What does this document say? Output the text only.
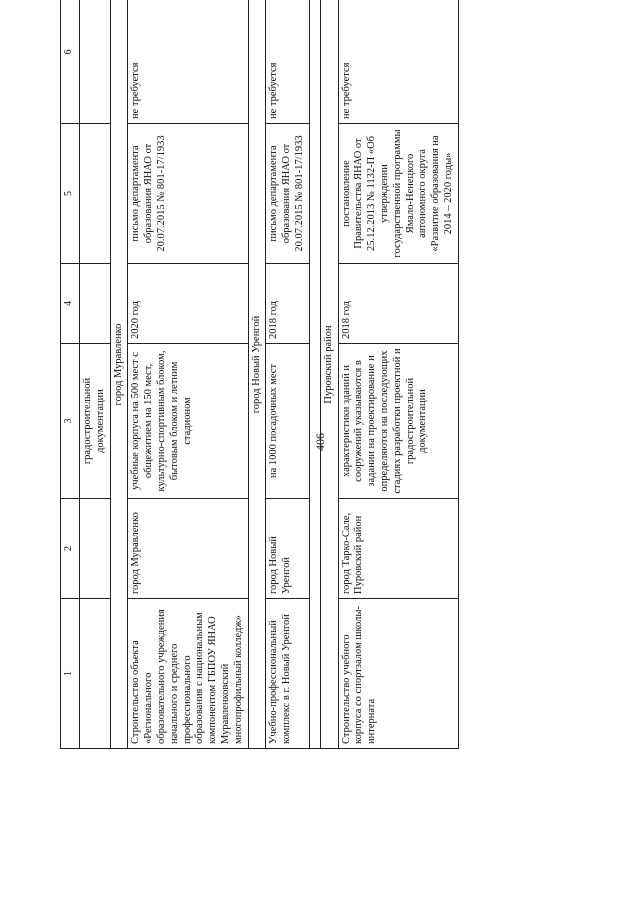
406
1	2	3	4	5	6
		градостроительной документации			
город Муравленко					
Строительство объекта «Регионального образовательного учреждения начального и среднего профессионального образования с национальным компонентом ГБПОУ ЯНАО Муравленковский многопрофильный колледж»	город Муравленко	учебные корпуса на 500 мест с общежитием на 150 мест, культурно-спортивным блоком, бытовым блоком и летним стадионом	2020 год	письмо департамента образования ЯНАО от 20.07.2015 № 801-17/1933	не требуется
город Новый Уренгой					
Учебно-профессиональный комплекс в г. Новый Уренгой	город Новый Уренгой	на 1000 посадочных мест	2018 год	письмо департамента образования ЯНАО от 20.07.2015 № 801-17/1933	не требуется

Пуровский район					
Строительство учебного корпуса со спортзалом школы-интерната	город Тарко-Сале, Пуровский район	характеристики зданий и сооружений указываются в задании на проектирование и определяются на последующих стадиях разработки проектной и градостроительной документации	2018 год	постановление Правительства ЯНАО от 25.12.2013 № 1132-П «Об утверждении государственной программы Ямало-Ненецкого автономного округа «Развитие образования на 2014 – 2020 годы»	не требуется
